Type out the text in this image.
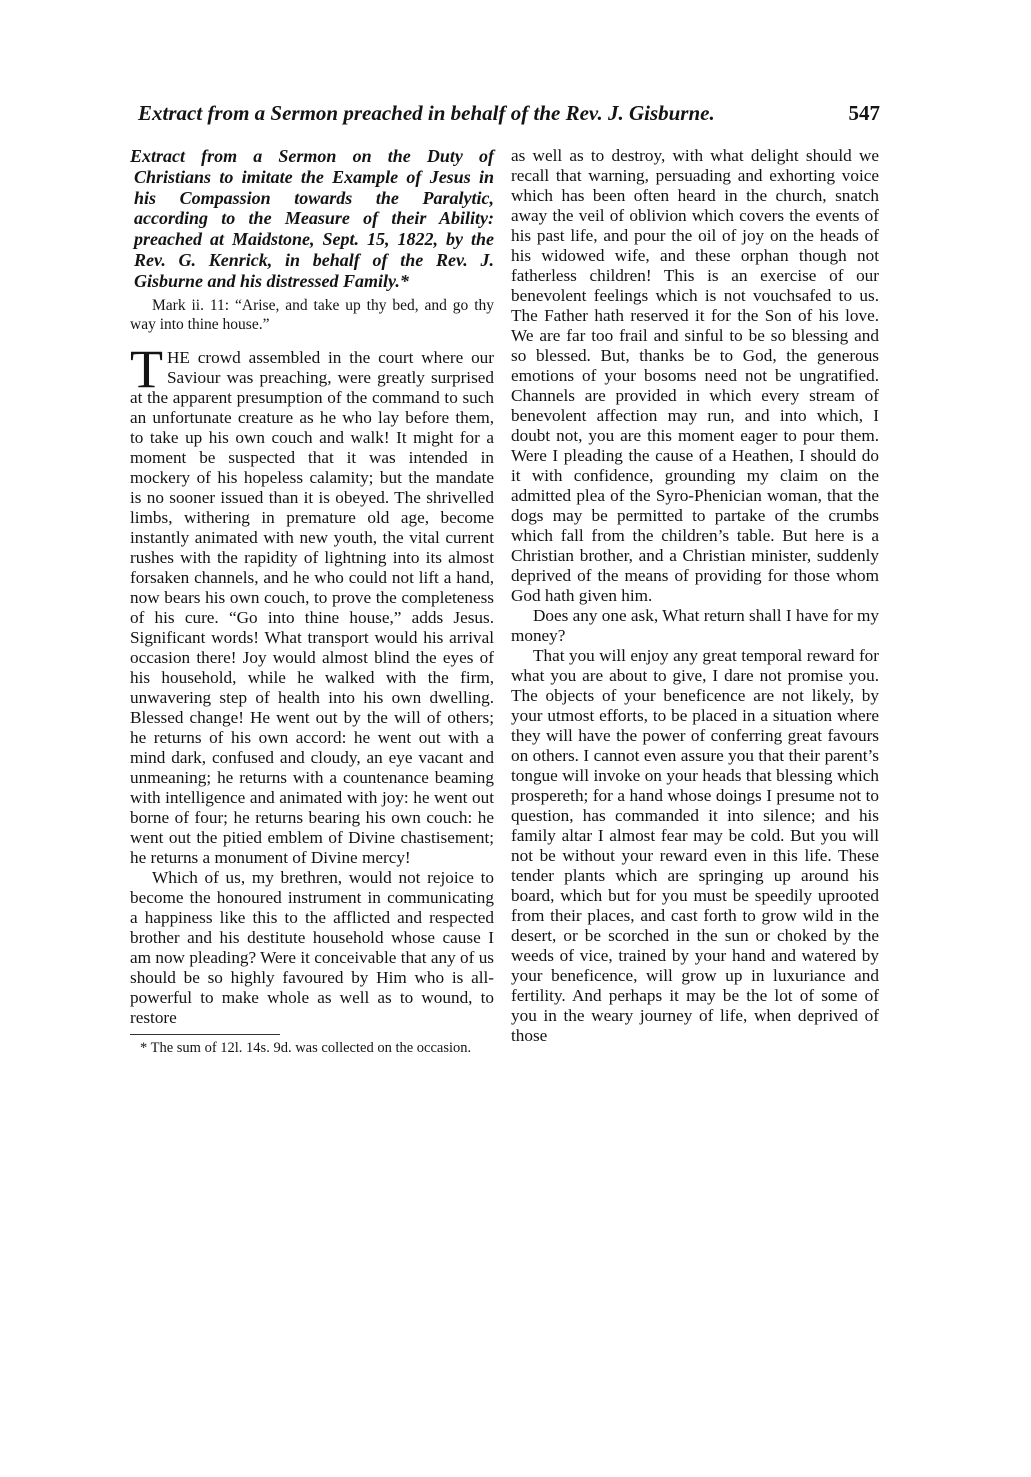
Extract from a Sermon preached in behalf of the Rev. J. Gisburne.	547

Extract from a Sermon on the Duty of Christians to imitate the Example of Jesus in his Compassion towards the Paralytic, according to the Measure of their Ability: preached at Maidstone, Sept. 15, 1822, by the Rev. G. Kenrick, in behalf of the Rev. J. Gisburne and his distressed Family.*

Mark ii. 11: “Arise, and take up thy bed, and go thy way into thine house.”

THE crowd assembled in the court where our Saviour was preaching, were greatly surprised at the apparent presumption of the command to such an unfortunate creature as he who lay before them, to take up his own couch and walk! It might for a moment be suspected that it was intended in mockery of his hopeless calamity; but the mandate is no sooner issued than it is obeyed. The shrivelled limbs, withering in premature old age, become instantly animated with new youth, the vital current rushes with the rapidity of lightning into its almost forsaken channels, and he who could not lift a hand, now bears his own couch, to prove the completeness of his cure. “Go into thine house,” adds Jesus. Significant words! What transport would his arrival occasion there! Joy would almost blind the eyes of his household, while he walked with the firm, unwavering step of health into his own dwelling. Blessed change! He went out by the will of others; he returns of his own accord: he went out with a mind dark, confused and cloudy, an eye vacant and unmeaning; he returns with a countenance beaming with intelligence and animated with joy: he went out borne of four; he returns bearing his own couch: he went out the pitied emblem of Divine chastisement; he returns a monument of Divine mercy!

Which of us, my brethren, would not rejoice to become the honoured instrument in communicating a happiness like this to the afflicted and respected brother and his destitute household whose cause I am now pleading? Were it conceivable that any of us should be so highly favoured by Him who is all-powerful to make whole as well as to wound, to restore

* The sum of 12l. 14s. 9d. was collected on the occasion.

as well as to destroy, with what delight should we recall that warning, persuading and exhorting voice which has been often heard in the church, snatch away the veil of oblivion which covers the events of his past life, and pour the oil of joy on the heads of his widowed wife, and these orphan though not fatherless children! This is an exercise of our benevolent feelings which is not vouchsafed to us. The Father hath reserved it for the Son of his love. We are far too frail and sinful to be so blessing and so blessed. But, thanks be to God, the generous emotions of your bosoms need not be ungratified. Channels are provided in which every stream of benevolent affection may run, and into which, I doubt not, you are this moment eager to pour them. Were I pleading the cause of a Heathen, I should do it with confidence, grounding my claim on the admitted plea of the Syro-Phenician woman, that the dogs may be permitted to partake of the crumbs which fall from the children’s table. But here is a Christian brother, and a Christian minister, suddenly deprived of the means of providing for those whom God hath given him.

Does any one ask, What return shall I have for my money?

That you will enjoy any great temporal reward for what you are about to give, I dare not promise you. The objects of your beneficence are not likely, by your utmost efforts, to be placed in a situation where they will have the power of conferring great favours on others. I cannot even assure you that their parent’s tongue will invoke on your heads that blessing which prospereth; for a hand whose doings I presume not to question, has commanded it into silence; and his family altar I almost fear may be cold. But you will not be without your reward even in this life. These tender plants which are springing up around his board, which but for you must be speedily uprooted from their places, and cast forth to grow wild in the desert, or be scorched in the sun or choked by the weeds of vice, trained by your hand and watered by your beneficence, will grow up in luxuriance and fertility. And perhaps it may be the lot of some of you in the weary journey of life, when deprived of those
